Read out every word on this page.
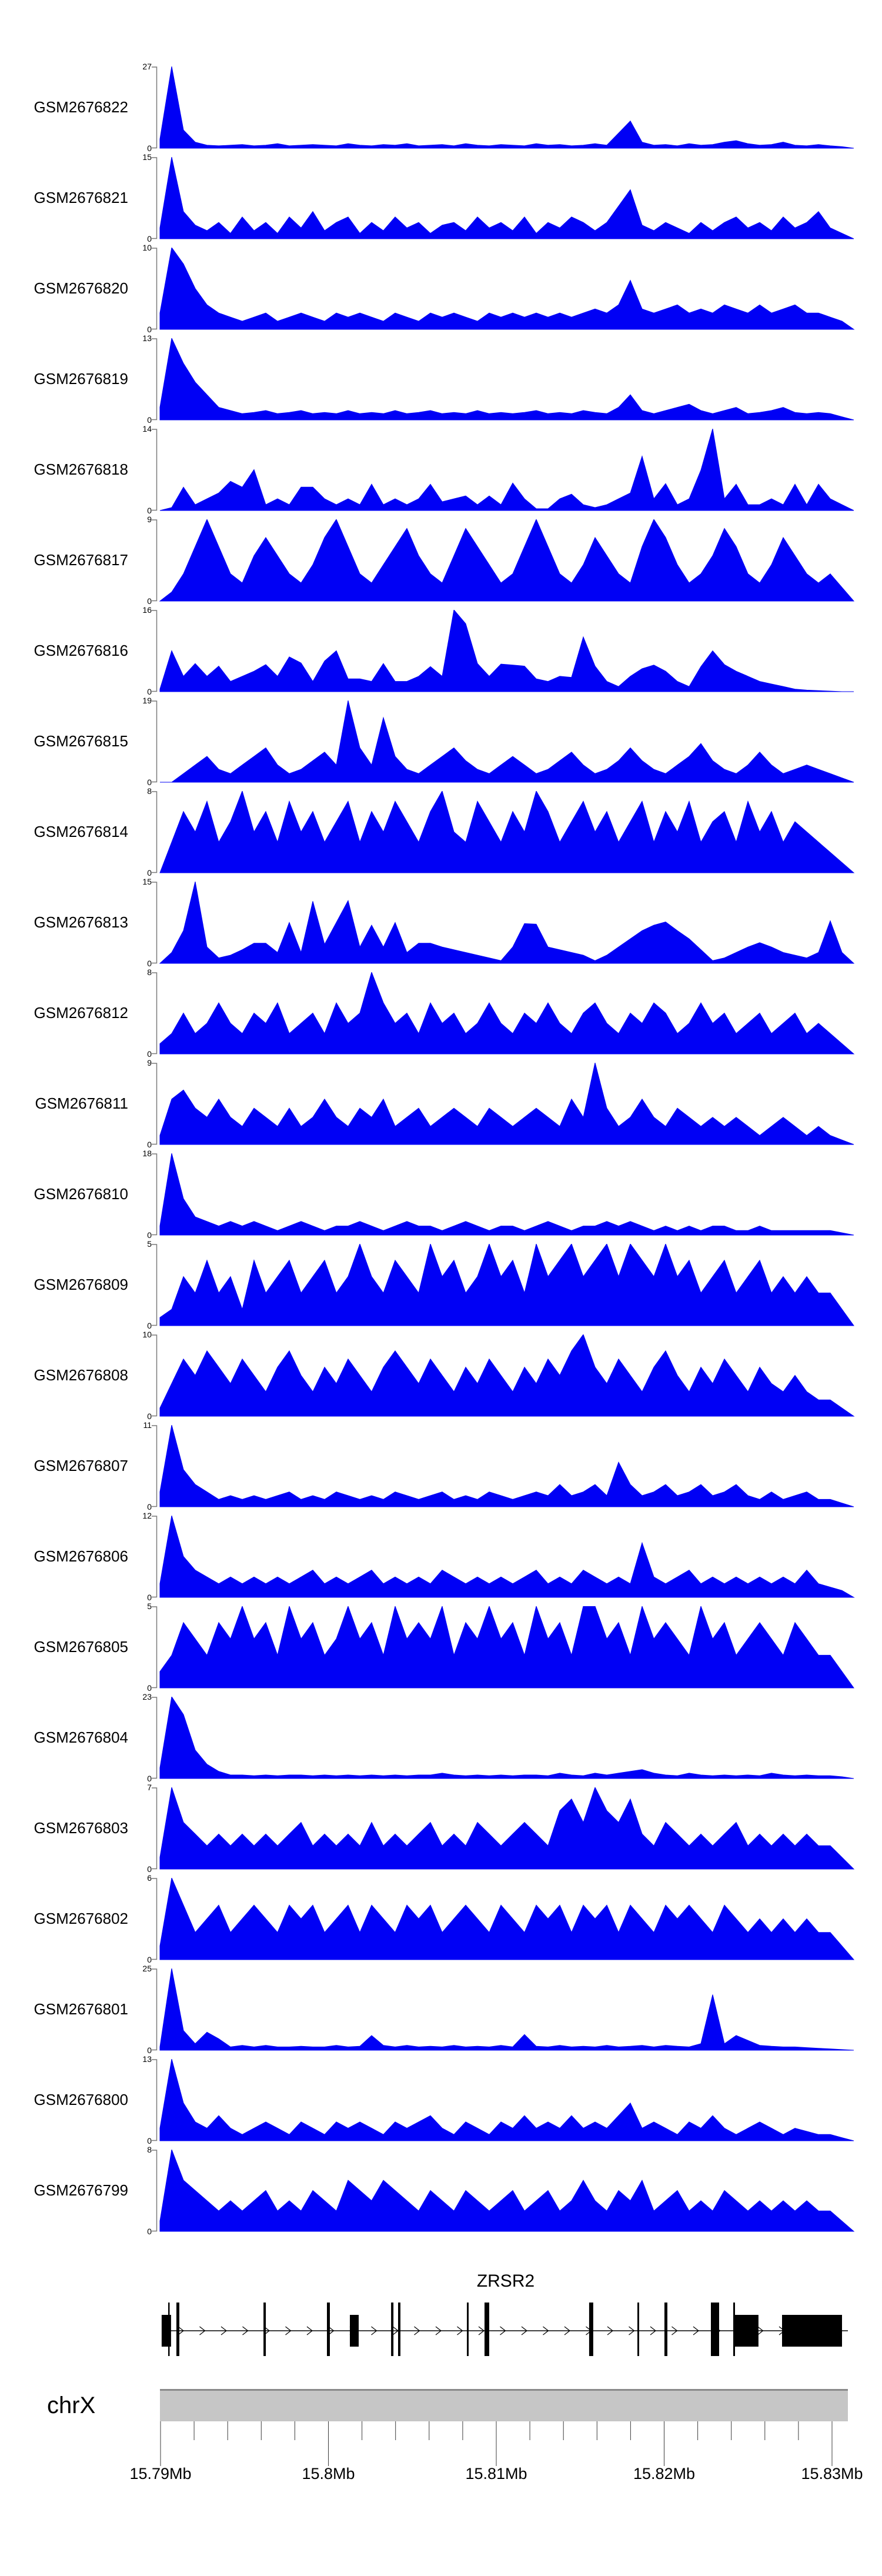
GSM2676822
27
0
GSM2676821
15
0
GSM2676820
10
0
GSM2676819
13
0
GSM2676818
14
0
GSM2676817
9
0
GSM2676816
16
0
GSM2676815
19
0
GSM2676814
8
0
GSM2676813
15
0
GSM2676812
8
0
GSM2676811
9
0
GSM2676810
18
0
GSM2676809
5
0
GSM2676808
10
0
GSM2676807
11
0
GSM2676806
12
0
GSM2676805
5
0
GSM2676804
23
0
GSM2676803
7
0
GSM2676802
6
0
GSM2676801
25
0
GSM2676800
13
0
GSM2676799
8
0
ZRSR2
chrX
15.79Mb	15.8Mb	15.81Mb	15.82Mb	15.83Mb
